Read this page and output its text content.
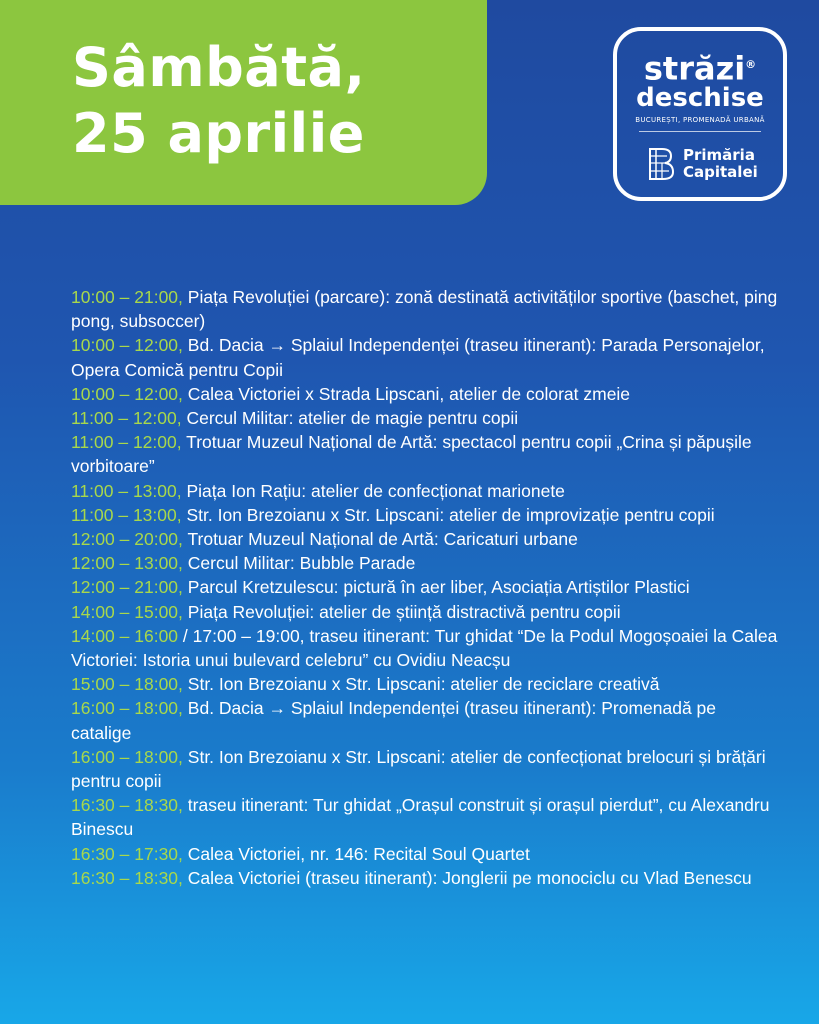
Sâmbătă,
25 aprilie
străzi®
deschise
BUCUREȘTI, PROMENADĂ URBANĂ
Primăria
Capitalei

10:00 – 21:00, Piața Revoluției (parcare): zonă destinată activităților sportive (baschet, ping pong, subsoccer)

10:00 – 12:00, Bd. Dacia → Splaiul Independenței (traseu itinerant): Parada Personajelor, Opera Comică pentru Copii

10:00 – 12:00, Calea Victoriei x Strada Lipscani, atelier de colorat zmeie

11:00 – 12:00, Cercul Militar: atelier de magie pentru copii

11:00 – 12:00, Trotuar Muzeul Național de Artă: spectacol pentru copii „Crina și păpușile vorbitoare”

11:00 – 13:00, Piața Ion Rațiu: atelier de confecționat marionete

11:00 – 13:00, Str. Ion Brezoianu x Str. Lipscani: atelier de improvizație pentru copii

12:00 – 20:00, Trotuar Muzeul Național de Artă: Caricaturi urbane

12:00 – 13:00, Cercul Militar: Bubble Parade

12:00 – 21:00, Parcul Kretzulescu: pictură în aer liber, Asociația Artiștilor Plastici

14:00 – 15:00, Piața Revoluției: atelier de știință distractivă pentru copii

14:00 – 16:00 / 17:00 – 19:00, traseu itinerant: Tur ghidat “De la Podul Mogoșoaiei la Calea Victoriei: Istoria unui bulevard celebru” cu Ovidiu Neacșu

15:00 – 18:00, Str. Ion Brezoianu x Str. Lipscani: atelier de reciclare creativă

16:00 – 18:00, Bd. Dacia → Splaiul Independenței (traseu itinerant): Promenadă pe catalige

16:00 – 18:00, Str. Ion Brezoianu x Str. Lipscani: atelier de confecționat brelocuri și brățări pentru copii

16:30 – 18:30, traseu itinerant: Tur ghidat „Orașul construit și orașul pierdut”, cu Alexandru Binescu

16:30 – 17:30, Calea Victoriei, nr. 146: Recital Soul Quartet

16:30 – 18:30, Calea Victoriei (traseu itinerant): Jonglerii pe monociclu cu Vlad Benescu
